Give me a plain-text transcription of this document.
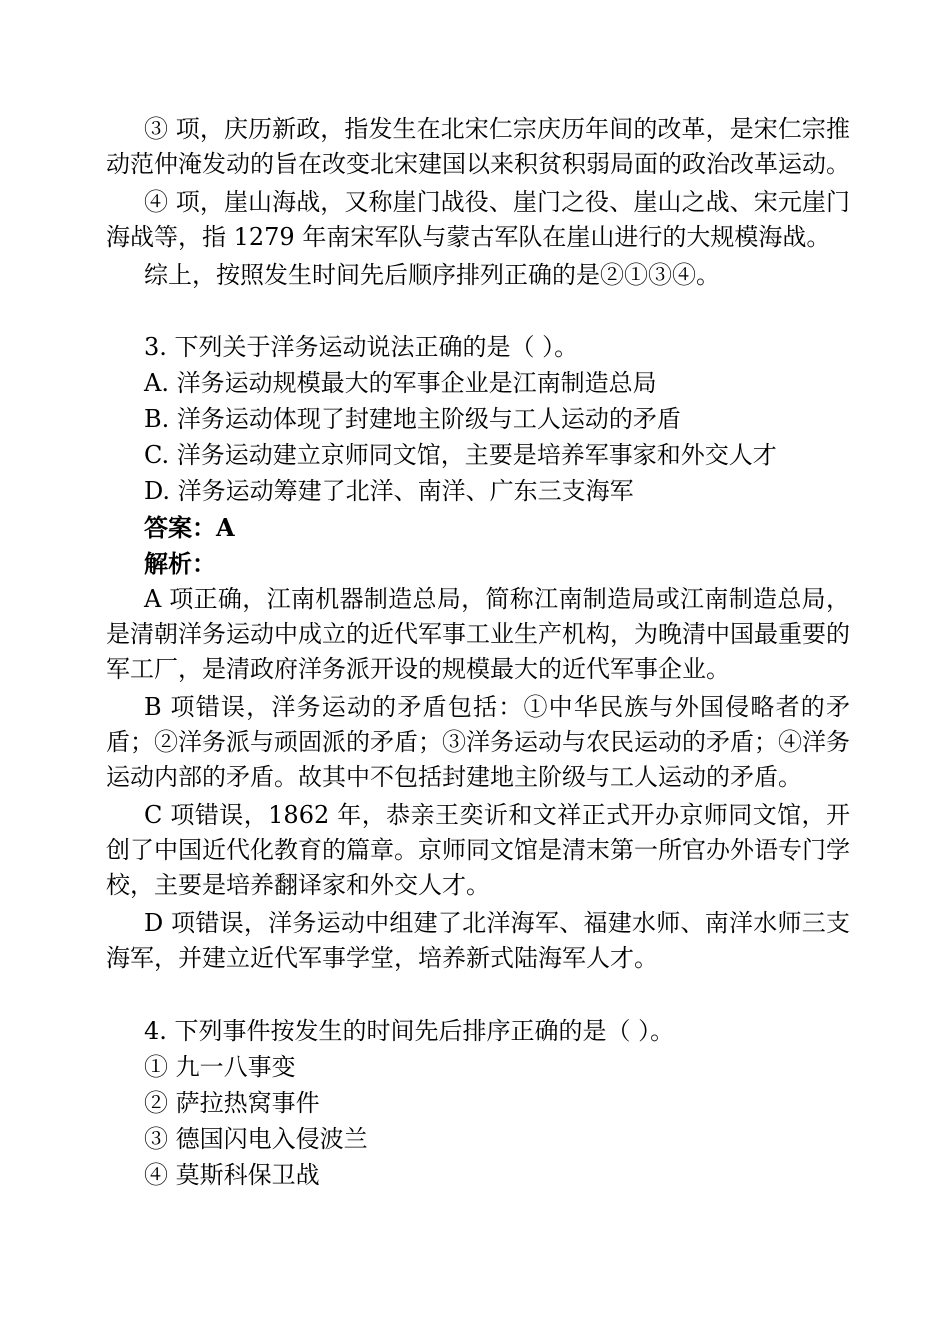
③ 项，庆历新政，指发生在北宋仁宗庆历年间的改革，是宋仁宗推动范仲淹发动的旨在改变北宋建国以来积贫积弱局面的政治改革运动。

④ 项，崖山海战，又称崖门战役、崖门之役、崖山之战、宋元崖门海战等，指 1279 年南宋军队与蒙古军队在崖山进行的大规模海战。

综上，按照发生时间先后顺序排列正确的是②①③④。

3. 下列关于洋务运动说法正确的是（ ）。
A. 洋务运动规模最大的军事企业是江南制造总局
B. 洋务运动体现了封建地主阶级与工人运动的矛盾
C. 洋务运动建立京师同文馆，主要是培养军事家和外交人才
D. 洋务运动筹建了北洋、南洋、广东三支海军
答案：A
解析：

A 项正确，江南机器制造总局，简称江南制造局或江南制造总局，是清朝洋务运动中成立的近代军事工业生产机构，为晚清中国最重要的军工厂，是清政府洋务派开设的规模最大的近代军事企业。

B 项错误，洋务运动的矛盾包括：①中华民族与外国侵略者的矛盾；②洋务派与顽固派的矛盾；③洋务运动与农民运动的矛盾；④洋务运动内部的矛盾。故其中不包括封建地主阶级与工人运动的矛盾。

C 项错误，1862 年，恭亲王奕䜣和文祥正式开办京师同文馆，开创了中国近代化教育的篇章。京师同文馆是清末第一所官办外语专门学校，主要是培养翻译家和外交人才。

D 项错误，洋务运动中组建了北洋海军、福建水师、南洋水师三支海军，并建立近代军事学堂，培养新式陆海军人才。

4. 下列事件按发生的时间先后排序正确的是（ ）。
① 九一八事变
② 萨拉热窝事件
③ 德国闪电入侵波兰
④ 莫斯科保卫战
